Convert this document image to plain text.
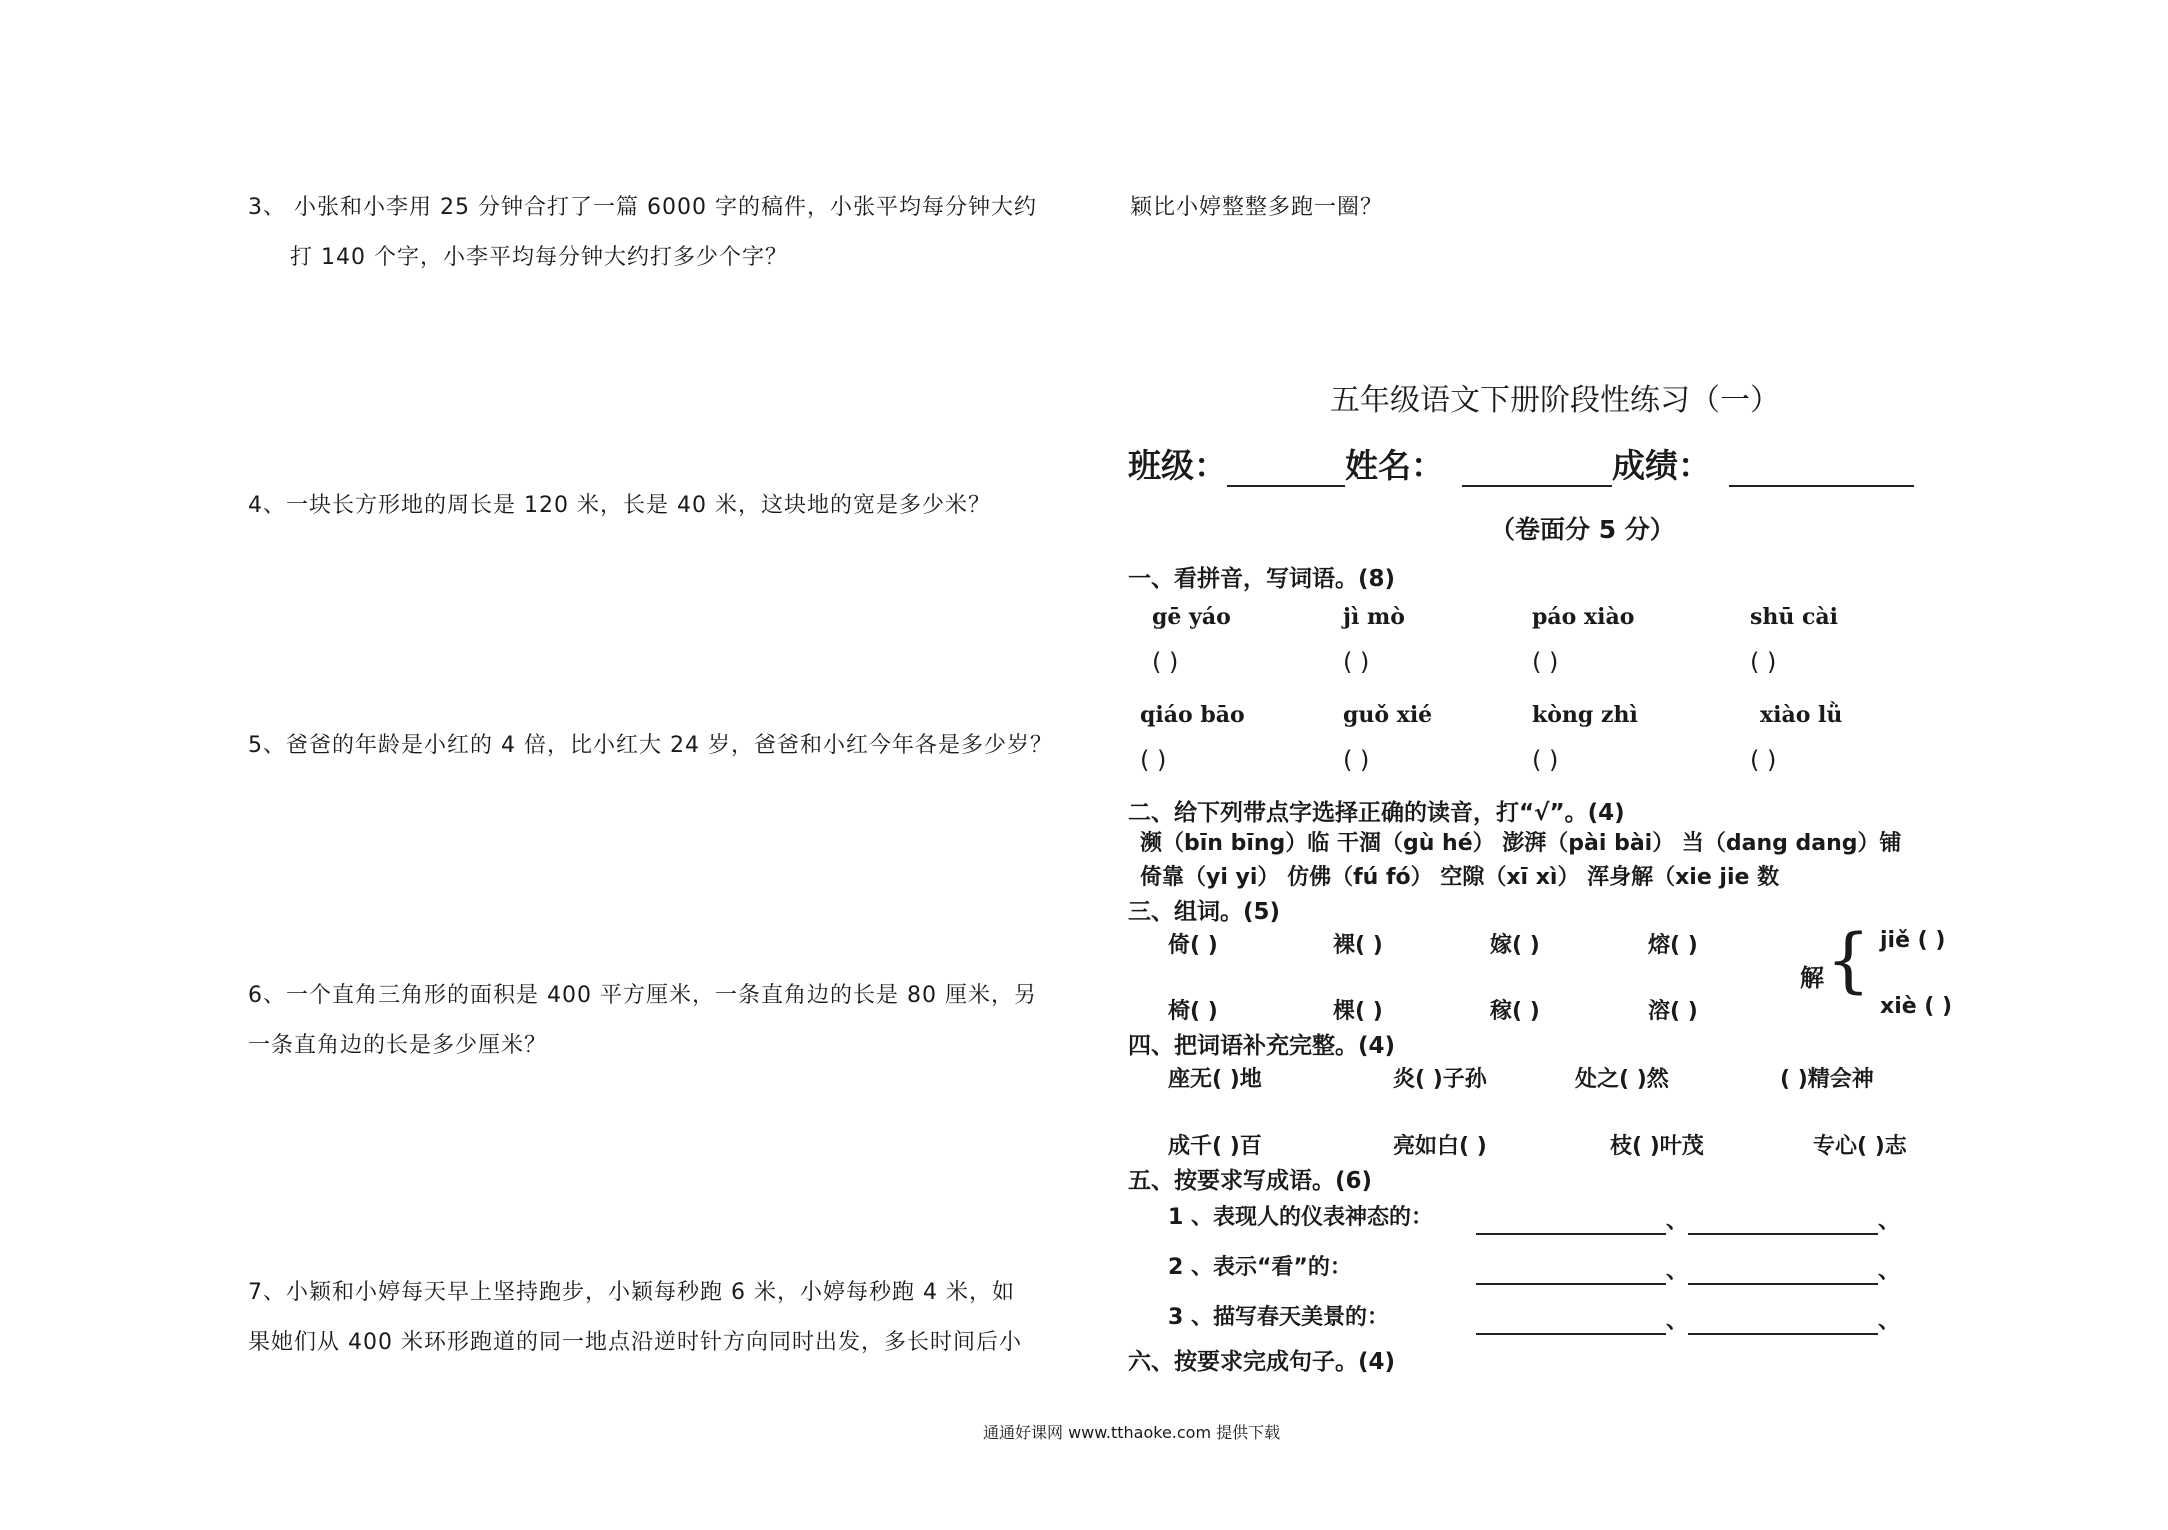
3、 小张和小李用 25 分钟合打了一篇 6000 字的稿件，小张平均每分钟大约
打 140 个字，小李平均每分钟大约打多少个字？
4、一块长方形地的周长是 120 米，长是 40 米，这块地的宽是多少米？
5、爸爸的年龄是小红的 4 倍，比小红大 24 岁，爸爸和小红今年各是多少岁？
6、一个直角三角形的面积是 400 平方厘米，一条直角边的长是 80 厘米，另
一条直角边的长是多少厘米？
7、小颖和小婷每天早上坚持跑步，小颖每秒跑 6 米，小婷每秒跑 4 米，如
果她们从 400 米环形跑道的同一地点沿逆时针方向同时出发，多长时间后小
颖比小婷整整多跑一圈？
五年级语文下册阶段性练习（一）
班级：	姓名：	成绩：
（卷面分 5 分）
一、看拼音，写词语。(8)
gē yáo	jì mò	páo xiào	shū cài
( )	( )	( )	( )
qiáo bāo	guǒ xié	kòng zhì	xiào lǜ
( )	( )	( )	( )
二、给下列带点字选择正确的读音，打“√”。(4)
濒（bīn bīng）临 干涸（gù hé） 澎湃（pài bài） 当（dang dang）铺
倚靠（yi yi） 仿佛（fú fó） 空隙（xī xì） 浑身解（xie jie 数
三、组词。(5)
倚( )	裸( )	嫁( )	熔( )
椅( )	棵( )	稼( )	溶( )
解 { jiě ( )
xiè ( )
四、把词语补充完整。(4)
座无( )地	炎( )子孙	处之( )然	( )精会神
成千( )百	亮如白( )	枝( )叶茂	专心( )志
五、按要求写成语。(6)
1 、表现人的仪表神态的：	、	、
2 、表示“看”的：	、	、
3 、描写春天美景的：	、	、
六、按要求完成句子。(4)
通通好课网 www.tthaoke.com 提供下载
